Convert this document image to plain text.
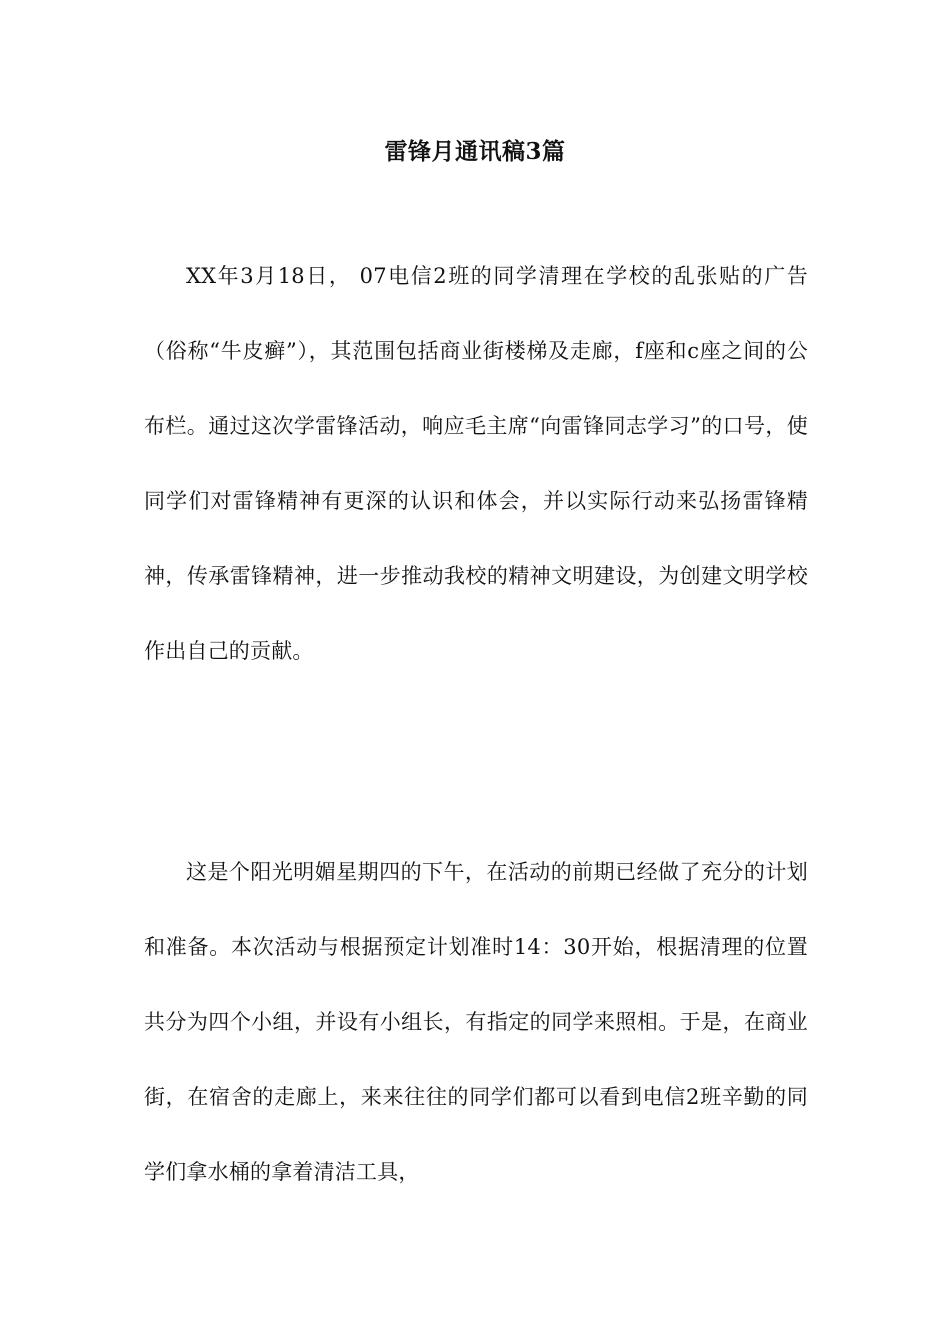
雷锋月通讯稿3篇

XX年3月18日， 07电信2班的同学清理在学校的乱张贴的广告（俗称“牛皮癣”），其范围包括商业街楼梯及走廊，f座和c座之间的公布栏。通过这次学雷锋活动，响应毛主席“向雷锋同志学习”的口号，使同学们对雷锋精神有更深的认识和体会，并以实际行动来弘扬雷锋精神，传承雷锋精神，进一步推动我校的精神文明建设，为创建文明学校作出自己的贡献。

这是个阳光明媚星期四的下午，在活动的前期已经做了充分的计划和准备。本次活动与根据预定计划准时14：30开始，根据清理的位置共分为四个小组，并设有小组长，有指定的同学来照相。于是，在商业街，在宿舍的走廊上，来来往往的同学们都可以看到电信2班辛勤的同学们拿水桶的拿着清洁工具，
